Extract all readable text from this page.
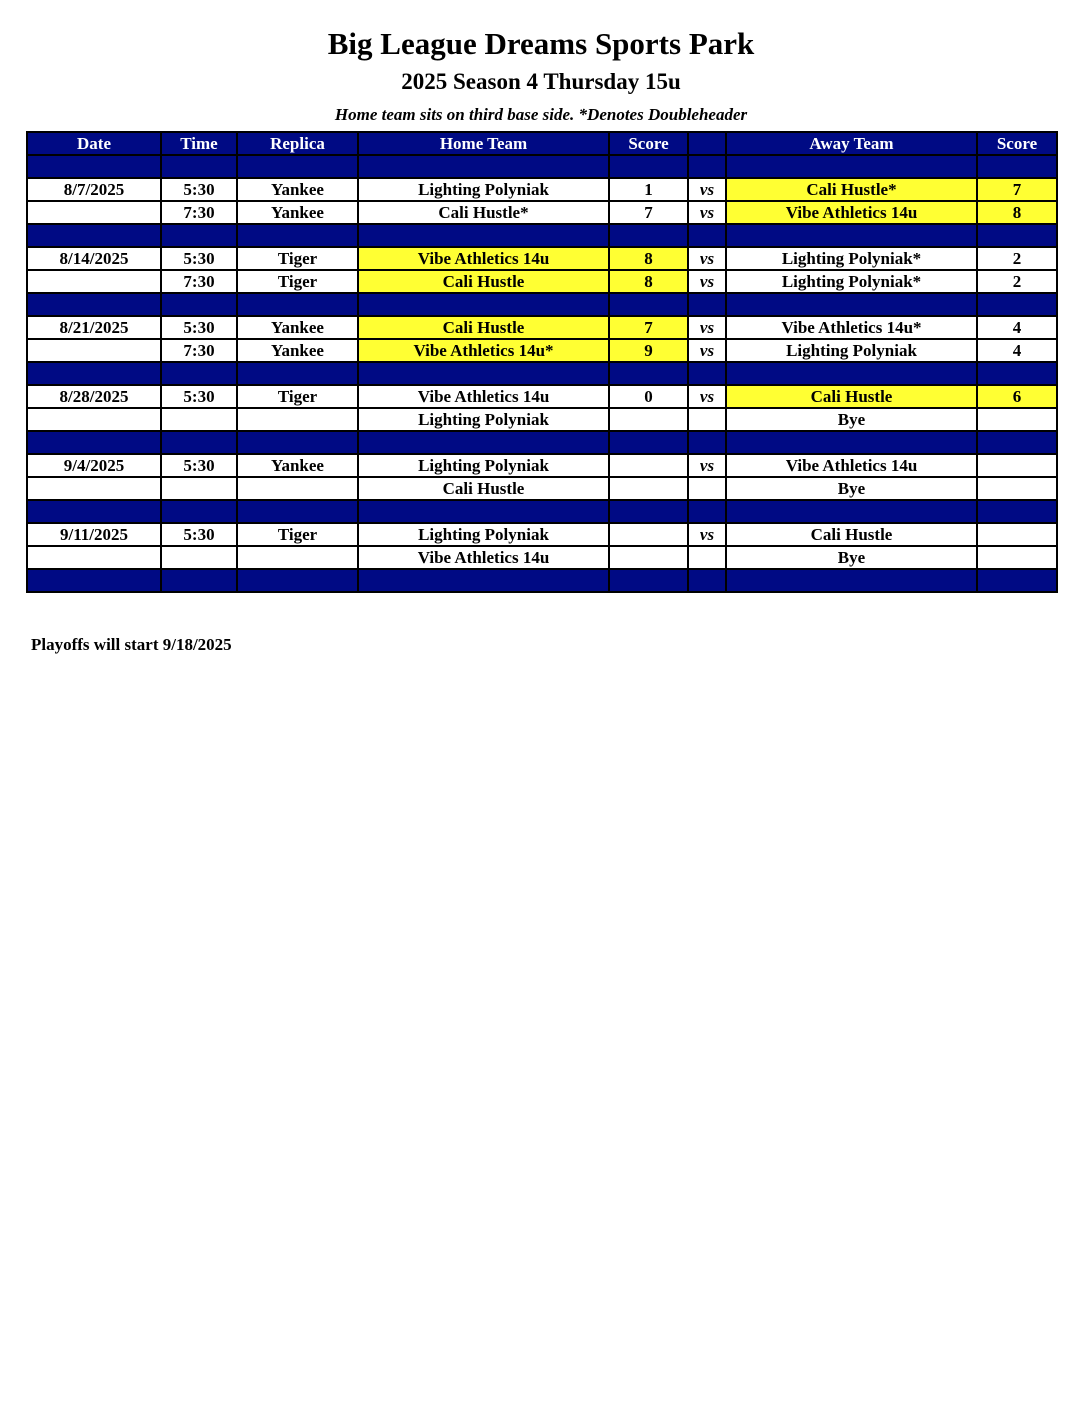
Big League Dreams Sports Park
2025 Season 4 Thursday 15u
Home team sits on third base side. *Denotes Doubleheader
Date	Time	Replica	Home Team	Score		Away Team	Score

8/7/2025	5:30	Yankee	Lighting Polyniak	1	vs	Cali Hustle*	7
	7:30	Yankee	Cali Hustle*	7	vs	Vibe Athletics 14u	8

8/14/2025	5:30	Tiger	Vibe Athletics 14u	8	vs	Lighting Polyniak*	2
	7:30	Tiger	Cali Hustle	8	vs	Lighting Polyniak*	2

8/21/2025	5:30	Yankee	Cali Hustle	7	vs	Vibe Athletics 14u*	4
	7:30	Yankee	Vibe Athletics 14u*	9	vs	Lighting Polyniak	4

8/28/2025	5:30	Tiger	Vibe Athletics 14u	0	vs	Cali Hustle	6
			Lighting Polyniak			Bye	

9/4/2025	5:30	Yankee	Lighting Polyniak		vs	Vibe Athletics 14u	
			Cali Hustle			Bye	

9/11/2025	5:30	Tiger	Lighting Polyniak		vs	Cali Hustle	
			Vibe Athletics 14u			Bye	

Playoffs will start 9/18/2025
